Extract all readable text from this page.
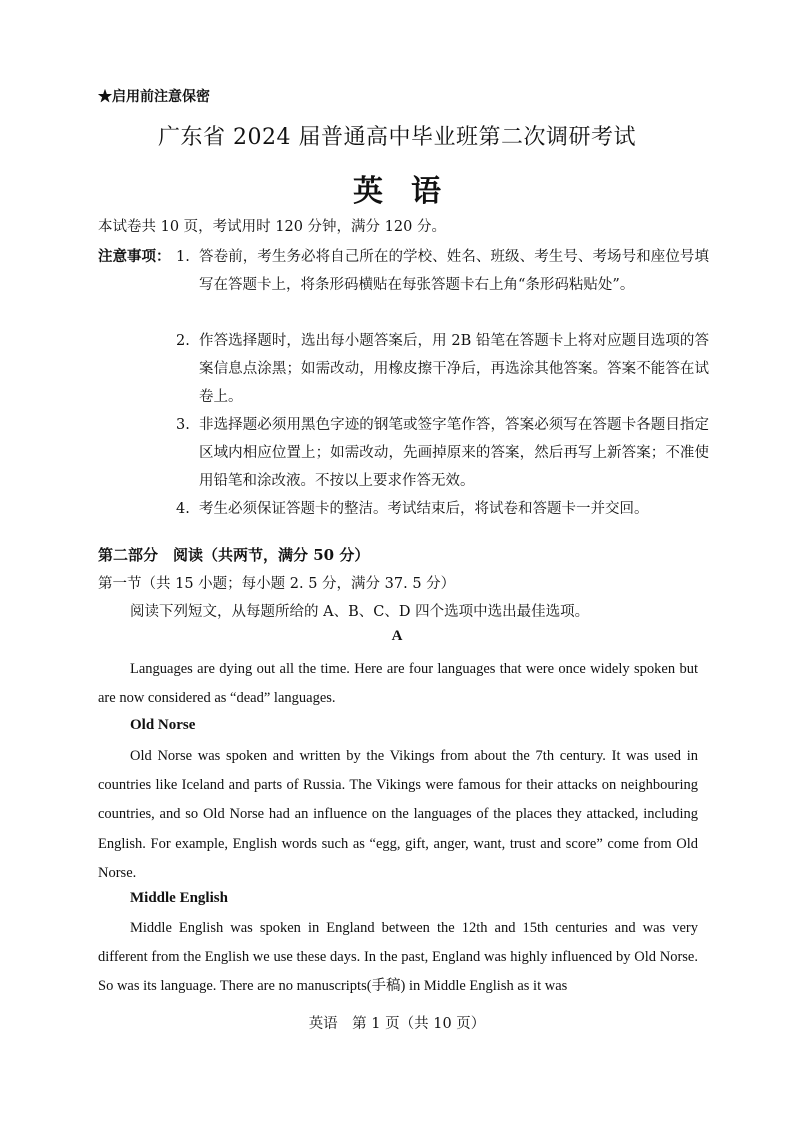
★启用前注意保密
广东省 2024 届普通高中毕业班第二次调研考试
英语
本试卷共 10 页，考试用时 120 分钟，满分 120 分。
注意事项： 1. 答卷前，考生务必将自己所在的学校、姓名、班级、考生号、考场号和座位号填写在答题卡上，将条形码横贴在每张答题卡右上角“条形码粘贴处”。
2. 作答选择题时，选出每小题答案后，用 2B 铅笔在答题卡上将对应题目选项的答案信息点涂黑；如需改动，用橡皮擦干净后，再选涂其他答案。答案不能答在试卷上。
3. 非选择题必须用黑色字迹的钢笔或签字笔作答，答案必须写在答题卡各题目指定区域内相应位置上；如需改动，先画掉原来的答案，然后再写上新答案；不准使用铅笔和涂改液。不按以上要求作答无效。
4. 考生必须保证答题卡的整洁。考试结束后，将试卷和答题卡一并交回。
第二部分　阅读（共两节，满分 50 分）
第一节（共 15 小题；每小题 2. 5 分，满分 37. 5 分）
阅读下列短文，从每题所给的 A、B、C、D 四个选项中选出最佳选项。
A
Languages are dying out all the time. Here are four languages that were once widely spoken but are now considered as “dead” languages.
Old Norse
Old Norse was spoken and written by the Vikings from about the 7th century. It was used in countries like Iceland and parts of Russia. The Vikings were famous for their attacks on neighbouring countries, and so Old Norse had an influence on the languages of the places they attacked, including English. For example, English words such as “egg, gift, anger, want, trust and score” come from Old Norse.
Middle English
Middle English was spoken in England between the 12th and 15th centuries and was very different from the English we use these days. In the past, England was highly influenced by Old Norse. So was its language. There are no manuscripts(手稿) in Middle English as it was
英语　第 1 页（共 10 页）
